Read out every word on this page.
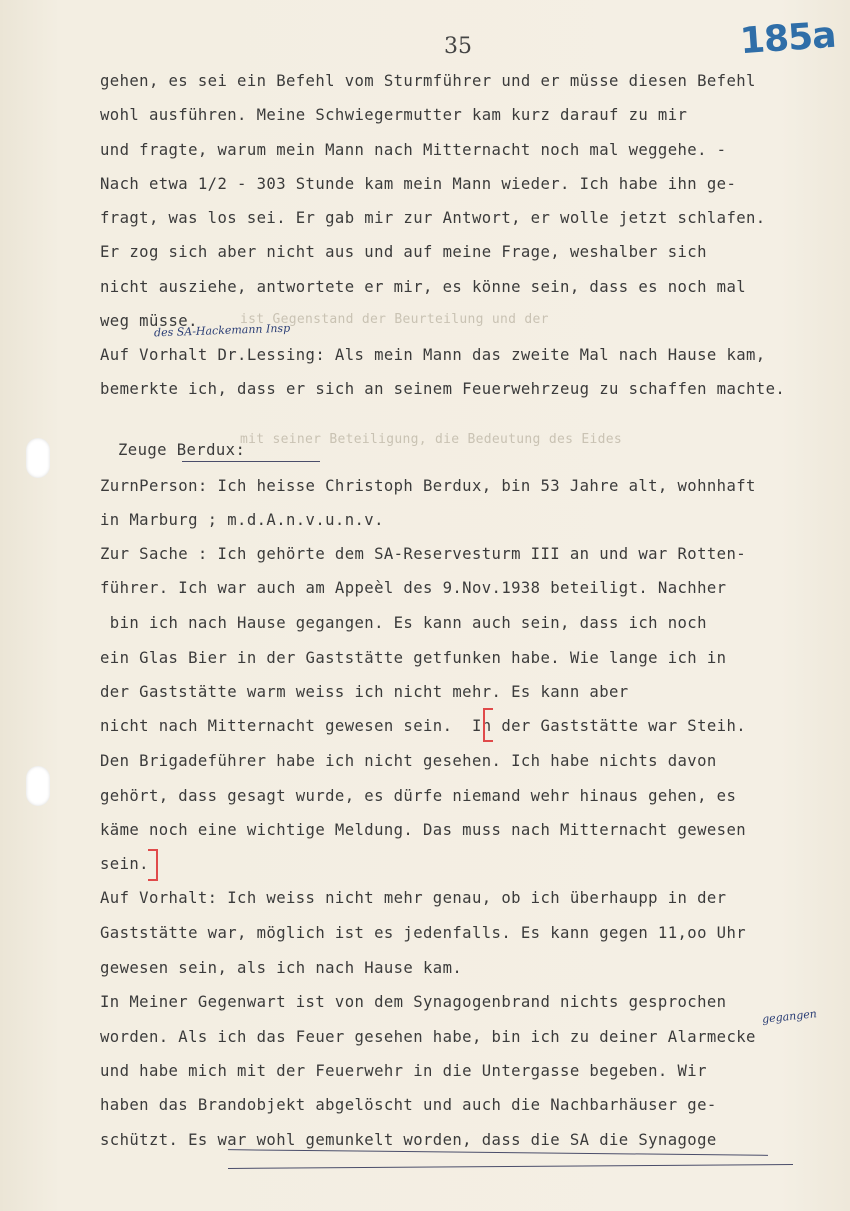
35	185a
ist Gegenstand der Beurteilung und der
mit seiner Beteiligung, die Bedeutung des Eides
gehen, es sei ein Befehl vom Sturmführer und er müsse diesen Befehl
wohl ausführen. Meine Schwiegermutter kam kurz darauf zu mir
und fragte, warum mein Mann nach Mitternacht noch mal weggehe. -
Nach etwa 1/2 - 303 Stunde kam mein Mann wieder. Ich habe ihn ge-
fragt, was los sei. Er gab mir zur Antwort, er wolle jetzt schlafen.
Er zog sich aber nicht aus und auf meine Frage, weshalber sich
nicht ausziehe, antwortete er mir, es könne sein, dass es noch mal
weg müsse.
des SA-Hackemann Insp
Auf Vorhalt Dr.Lessing: Als mein Mann das zweite Mal nach Hause kam,
bemerkte ich, dass er sich an seinem Feuerwehrzeug zu schaffen machte.
Zeuge Berdux:
ZurnPerson: Ich heisse Christoph Berdux, bin 53 Jahre alt, wohnhaft
in Marburg ; m.d.A.n.v.u.n.v.
Zur Sache : Ich gehörte dem SA-Reservesturm III an und war Rotten-
führer. Ich war auch am Appeèl des 9.Nov.1938 beteiligt. Nachher
bin ich nach Hause gegangen. Es kann auch sein, dass ich noch
ein Glas Bier in der Gaststätte getfunken habe. Wie lange ich in
der Gaststätte warm weiss ich nicht mehr. Es kann aber
nicht nach Mitternacht gewesen sein.  In der Gaststätte war Steih.
Den Brigadeführer habe ich nicht gesehen. Ich habe nichts davon
gehört, dass gesagt wurde, es dürfe niemand wehr hinaus gehen, es
käme noch eine wichtige Meldung. Das muss nach Mitternacht gewesen
sein.
Auf Vorhalt: Ich weiss nicht mehr genau, ob ich überhaupp in der
Gaststätte war, möglich ist es jedenfalls. Es kann gegen 11,oo Uhr
gewesen sein, als ich nach Hause kam.
In Meiner Gegenwart ist von dem Synagogenbrand nichts gesprochen
gegangen
worden. Als ich das Feuer gesehen habe, bin ich zu deiner Alarmecke
und habe mich mit der Feuerwehr in die Untergasse begeben. Wir
haben das Brandobjekt abgelöscht und auch die Nachbarhäuser ge-
schützt. Es war wohl gemunkelt worden, dass die SA die Synagoge
